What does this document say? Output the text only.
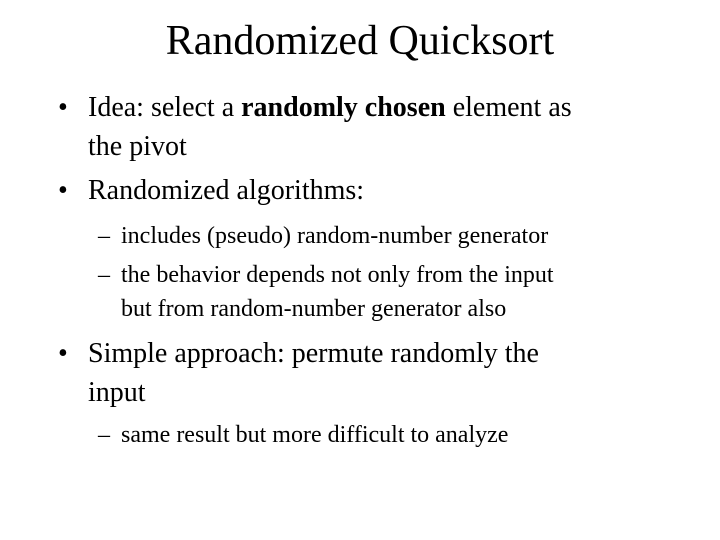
Randomized Quicksort
• Idea: select a randomly chosen element as
the pivot
• Randomized algorithms:
– includes (pseudo) random-number generator
– the behavior depends not only from the input
but from random-number generator also
• Simple approach: permute randomly the
input
– same result but more difficult to analyze
